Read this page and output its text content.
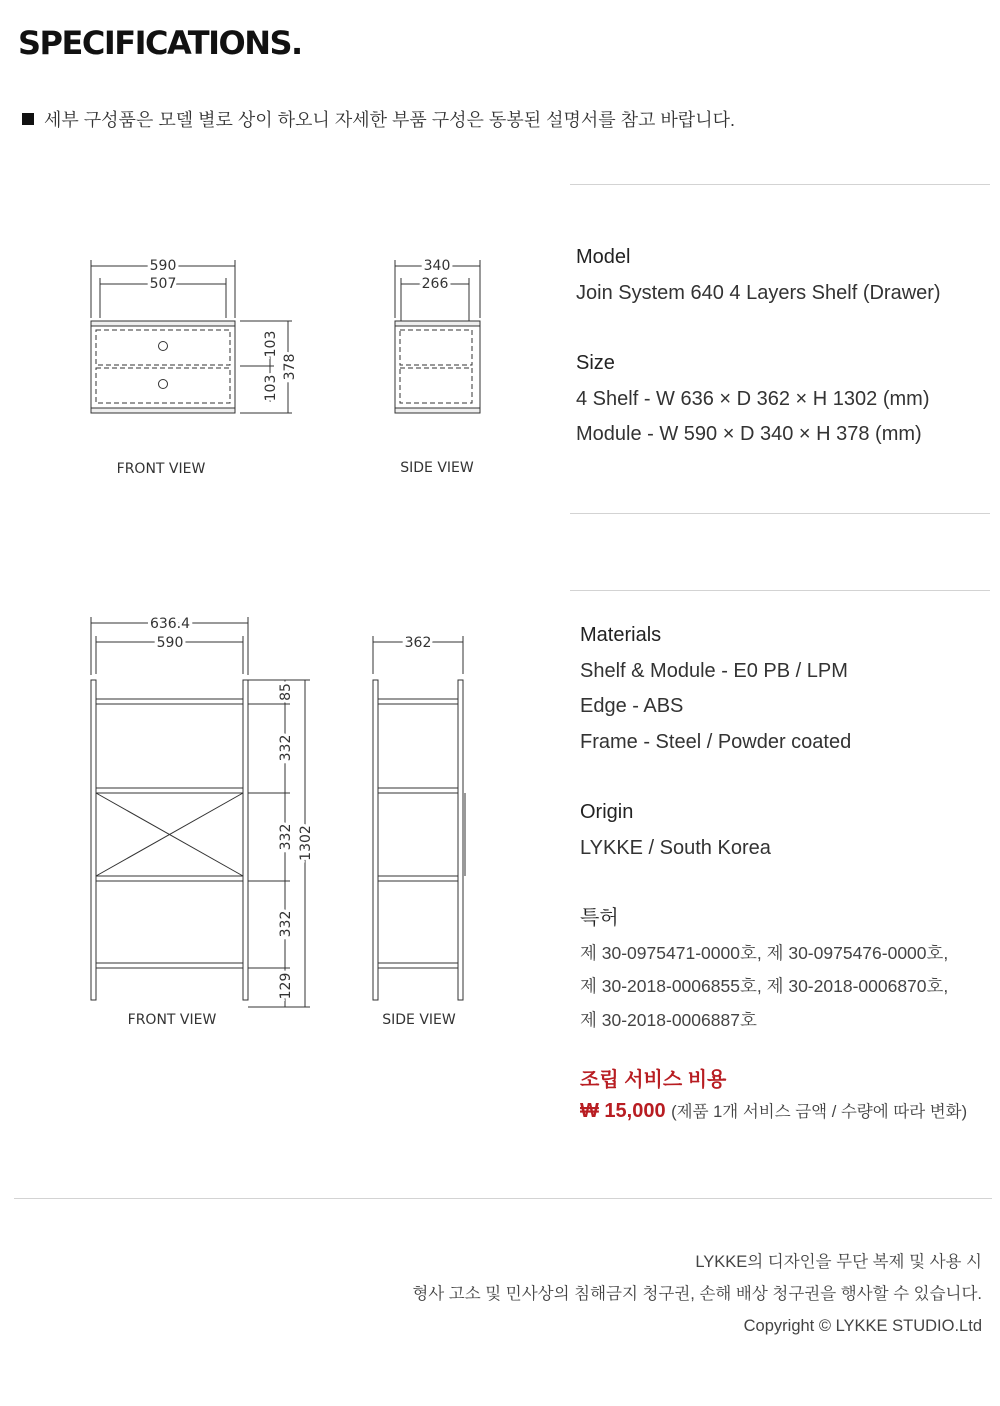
SPECIFICATIONS.
세부 구성품은 모델 별로 상이 하오니 자세한 부품 구성은 동봉된 설명서를 참고 바랍니다.
590
507
378
103
103
FRONT VIEW
340
266
SIDE VIEW
636.4
590
85
332
332
332
129
1302
FRONT VIEW
362
SIDE VIEW
Model
Join System 640 4 Layers Shelf (Drawer)
Size
4 Shelf - W 636 × D 362 × H 1302 (mm)
Module - W 590 × D 340 × H 378 (mm)
Materials
Shelf & Module - E0 PB / LPM
Edge - ABS
Frame - Steel / Powder coated
Origin
LYKKE / South Korea
특허
제 30-0975471-0000호, 제 30-0975476-0000호,
제 30-2018-0006855호, 제 30-2018-0006870호,
제 30-2018-0006887호
조립 서비스 비용
₩ 15,000 (제품 1개 서비스 금액 / 수량에 따라 변화)
LYKKE의 디자인을 무단 복제 및 사용 시
형사 고소 및 민사상의 침해금지 청구권, 손해 배상 청구권을 행사할 수 있습니다.
Copyright © LYKKE STUDIO.Ltd
